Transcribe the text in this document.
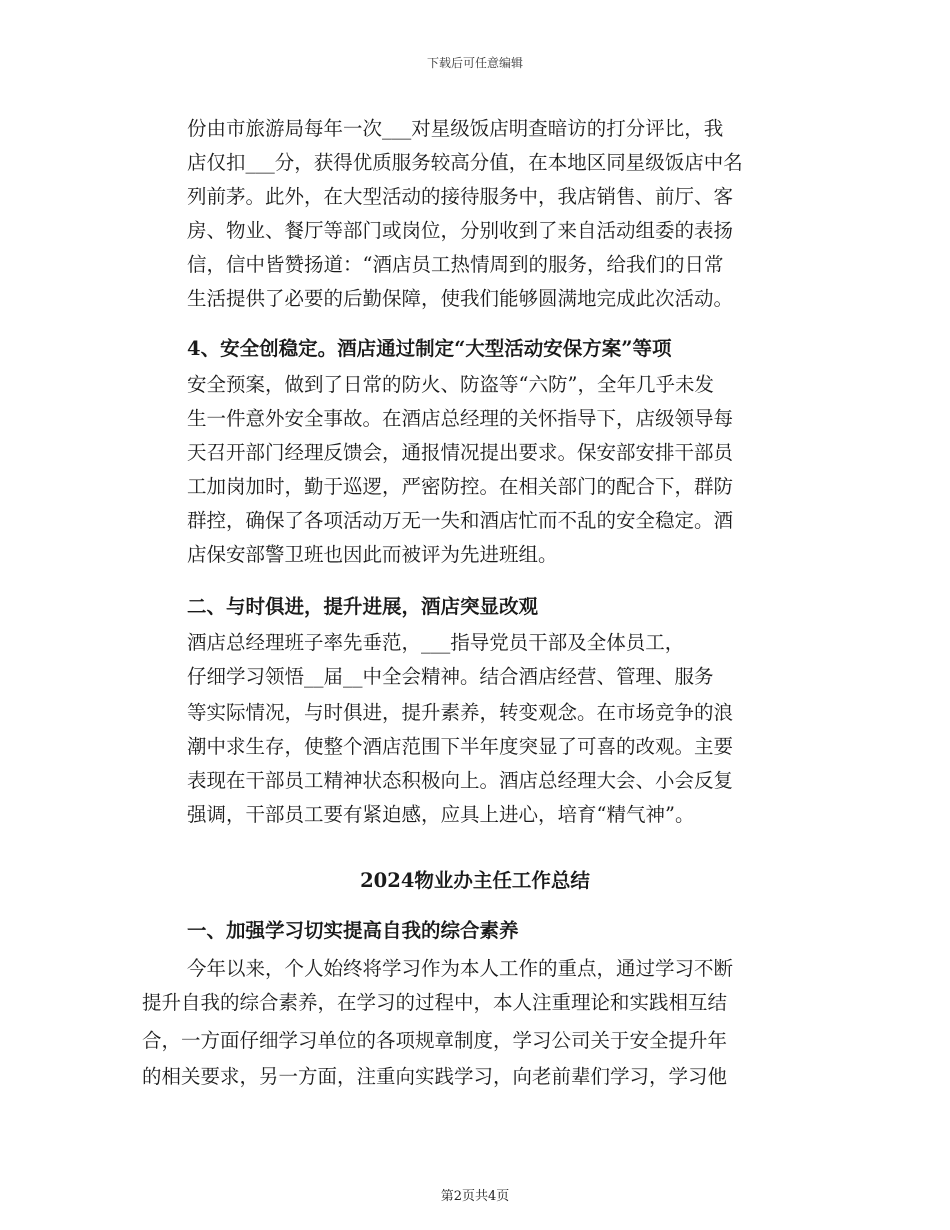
下载后可任意编辑
份由市旅游局每年一次___对星级饭店明查暗访的打分评比，我
店仅扣___分，获得优质服务较高分值，在本地区同星级饭店中名
列前茅。此外，在大型活动的接待服务中，我店销售、前厅、客
房、物业、餐厅等部门或岗位，分别收到了来自活动组委的表扬
信，信中皆赞扬道：“酒店员工热情周到的服务，给我们的日常
生活提供了必要的后勤保障，使我们能够圆满地完成此次活动。
4、安全创稳定。酒店通过制定“大型活动安保方案”等项
安全预案，做到了日常的防火、防盗等“六防”，全年几乎未发
生一件意外安全事故。在酒店总经理的关怀指导下，店级领导每
天召开部门经理反馈会，通报情况提出要求。保安部安排干部员
工加岗加时，勤于巡逻，严密防控。在相关部门的配合下，群防
群控，确保了各项活动万无一失和酒店忙而不乱的安全稳定。酒
店保安部警卫班也因此而被评为先进班组。
二、与时俱进，提升进展，酒店突显改观
酒店总经理班子率先垂范，___指导党员干部及全体员工，
仔细学习领悟__届__中全会精神。结合酒店经营、管理、服务
等实际情况，与时俱进，提升素养，转变观念。在市场竞争的浪
潮中求生存，使整个酒店范围下半年度突显了可喜的改观。主要
表现在干部员工精神状态积极向上。酒店总经理大会、小会反复
强调，干部员工要有紧迫感，应具上进心，培育“精气神”。
2024物业办主任工作总结
一、加强学习切实提高自我的综合素养
今年以来，个人始终将学习作为本人工作的重点，通过学习不断
提升自我的综合素养，在学习的过程中，本人注重理论和实践相互结
合，一方面仔细学习单位的各项规章制度，学习公司关于安全提升年
的相关要求，另一方面，注重向实践学习，向老前辈们学习，学习他
第2页共4页
